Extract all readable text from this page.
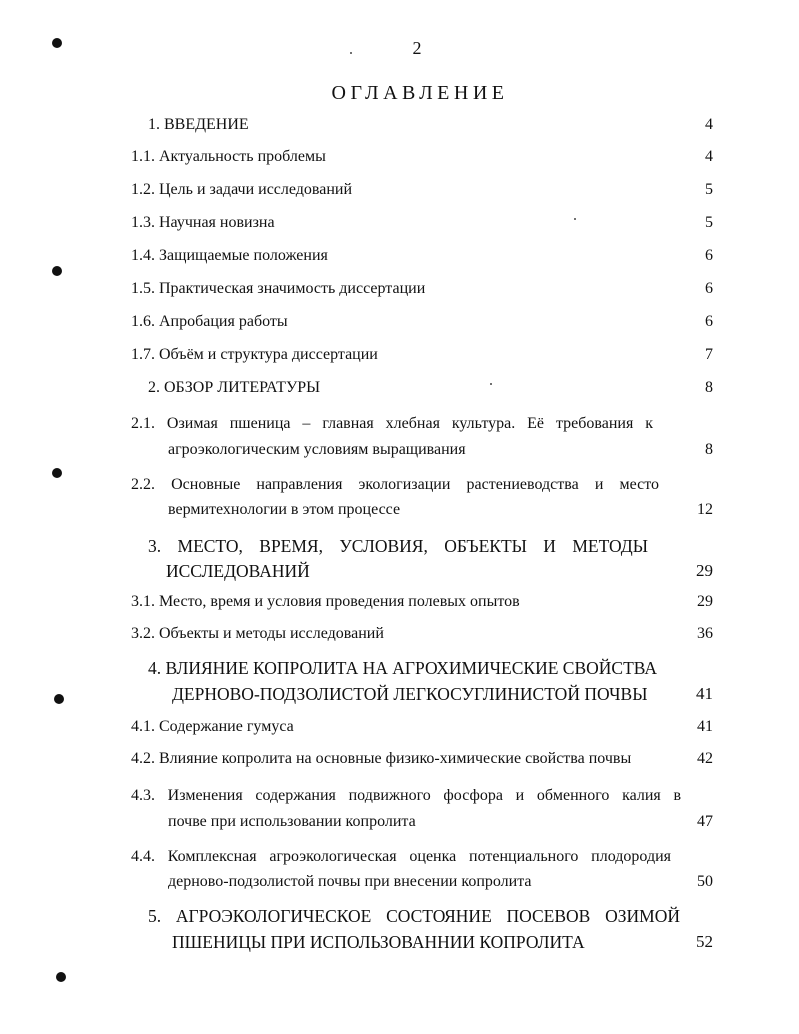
2
ОГЛАВЛЕНИЕ
1. ВВЕДЕНИЕ	4
1.1. Актуальность проблемы	4
1.2. Цель и задачи исследований	5
1.3. Научная новизна	5
1.4. Защищаемые положения	6
1.5. Практическая значимость диссертации	6
1.6. Апробация работы	6
1.7. Объём и структура диссертации	7
2. ОБЗОР ЛИТЕРАТУРЫ	8
2.1. Озимая пшеница – главная хлебная культура. Её требования к
агроэкологическим условиям выращивания	8
2.2. Основные направления экологизации растениеводства и место
вермитехнологии в этом процессе	12
3. МЕСТО, ВРЕМЯ, УСЛОВИЯ, ОБЪЕКТЫ И МЕТОДЫ
ИССЛЕДОВАНИЙ	29
3.1. Место, время и условия проведения полевых опытов	29
3.2. Объекты и методы исследований	36
4. ВЛИЯНИЕ КОПРОЛИТА НА АГРОХИМИЧЕСКИЕ СВОЙСТВА
ДЕРНОВО-ПОДЗОЛИСТОЙ ЛЕГКОСУГЛИНИСТОЙ ПОЧВЫ	41
4.1. Содержание гумуса	41
4.2. Влияние копролита на основные физико-химические свойства почвы	42
4.3. Изменения содержания подвижного фосфора и обменного калия в
почве при использовании копролита	47
4.4. Комплексная агроэкологическая оценка потенциального плодородия
дерново-подзолистой почвы при внесении копролита	50
5. АГРОЭКОЛОГИЧЕСКОЕ СОСТОЯНИЕ ПОСЕВОВ ОЗИМОЙ
ПШЕНИЦЫ ПРИ ИСПОЛЬЗОВАННИИ КОПРОЛИТА	52
